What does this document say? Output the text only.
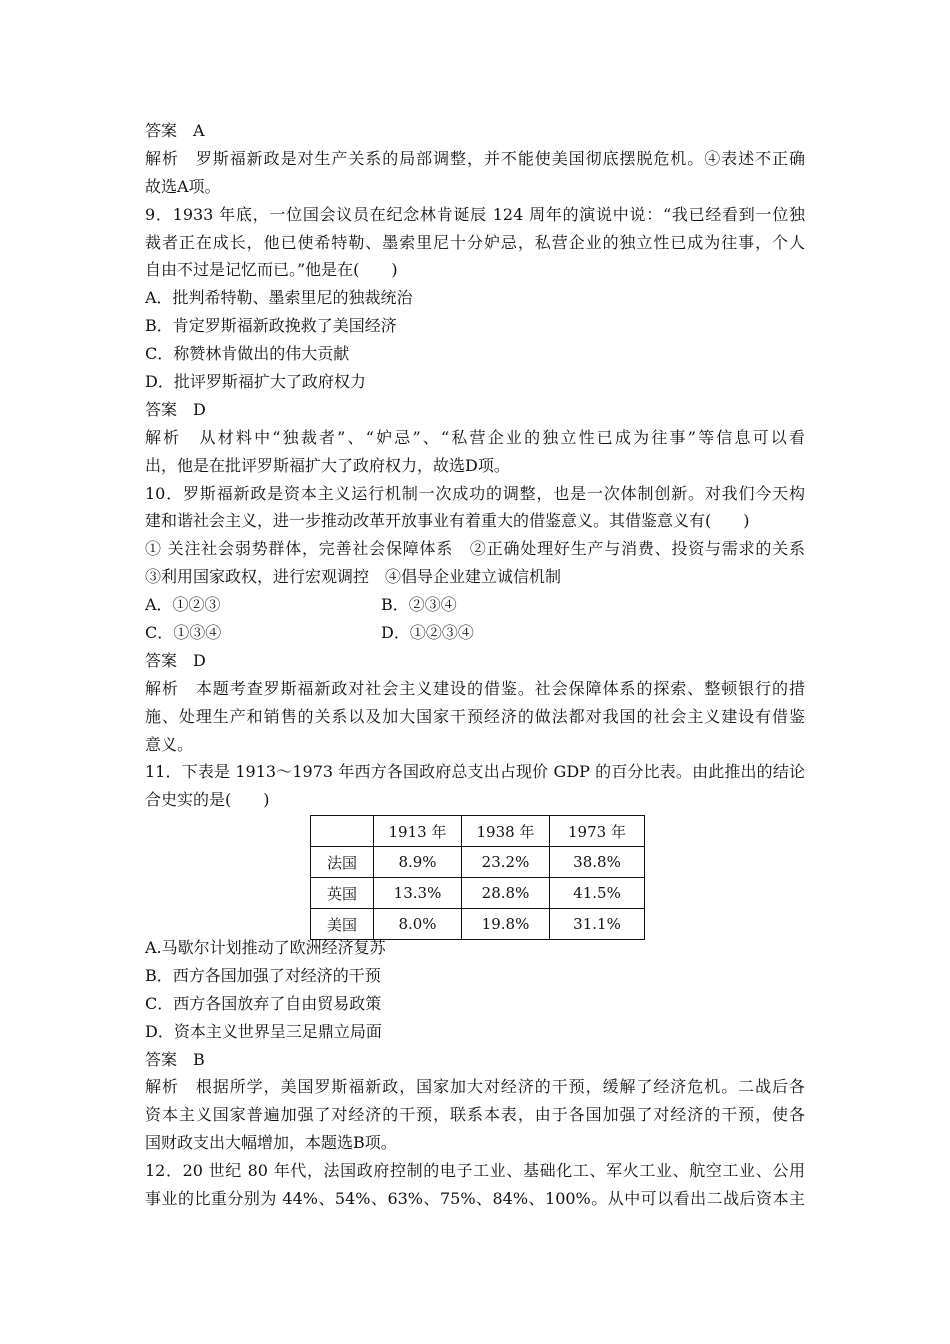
答案　A
解析　罗斯福新政是对生产关系的局部调整，并不能使美国彻底摆脱危机。④表述不正确
故选A项。
9．1933 年底，一位国会议员在纪念林肯诞辰 124 周年的演说中说：“我已经看到一位独
裁者正在成长，他已使希特勒、墨索里尼十分妒忌，私营企业的独立性已成为往事，个人
自由不过是记忆而已。”他是在(　　)
A．批判希特勒、墨索里尼的独裁统治
B．肯定罗斯福新政挽救了美国经济
C．称赞林肯做出的伟大贡献
D．批评罗斯福扩大了政府权力
答案　D
解析　从材料中“独裁者”、“妒忌”、“私营企业的独立性已成为往事”等信息可以看
出，他是在批评罗斯福扩大了政府权力，故选D项。
10．罗斯福新政是资本主义运行机制一次成功的调整，也是一次体制创新。对我们今天构
建和谐社会主义，进一步推动改革开放事业有着重大的借鉴意义。其借鉴意义有(　　)
① 关注社会弱势群体，完善社会保障体系　②正确处理好生产与消费、投资与需求的关系
③利用国家政权，进行宏观调控　④倡导企业建立诚信机制
A．①②③	B．②③④
C．①③④	D．①②③④
答案　D
解析　本题考查罗斯福新政对社会主义建设的借鉴。社会保障体系的探索、整顿银行的措
施、处理生产和销售的关系以及加大国家干预经济的做法都对我国的社会主义建设有借鉴
意义。
11．下表是 1913～1973 年西方各国政府总支出占现价 GDP 的百分比表。由此推出的结论
合史实的是(　　)
	1913 年	1938 年	1973 年
法国	8.9%	23.2%	38.8%
英国	13.3%	28.8%	41.5%
美国	8.0%	19.8%	31.1%
A.马歇尔计划推动了欧洲经济复苏
B．西方各国加强了对经济的干预
C．西方各国放弃了自由贸易政策
D．资本主义世界呈三足鼎立局面
答案　B
解析　根据所学，美国罗斯福新政，国家加大对经济的干预，缓解了经济危机。二战后各
资本主义国家普遍加强了对经济的干预，联系本表，由于各国加强了对经济的干预，使各
国财政支出大幅增加，本题选B项。
12．20 世纪 80 年代，法国政府控制的电子工业、基础化工、军火工业、航空工业、公用
事业的比重分别为 44%、54%、63%、75%、84%、100%。从中可以看出二战后资本主
